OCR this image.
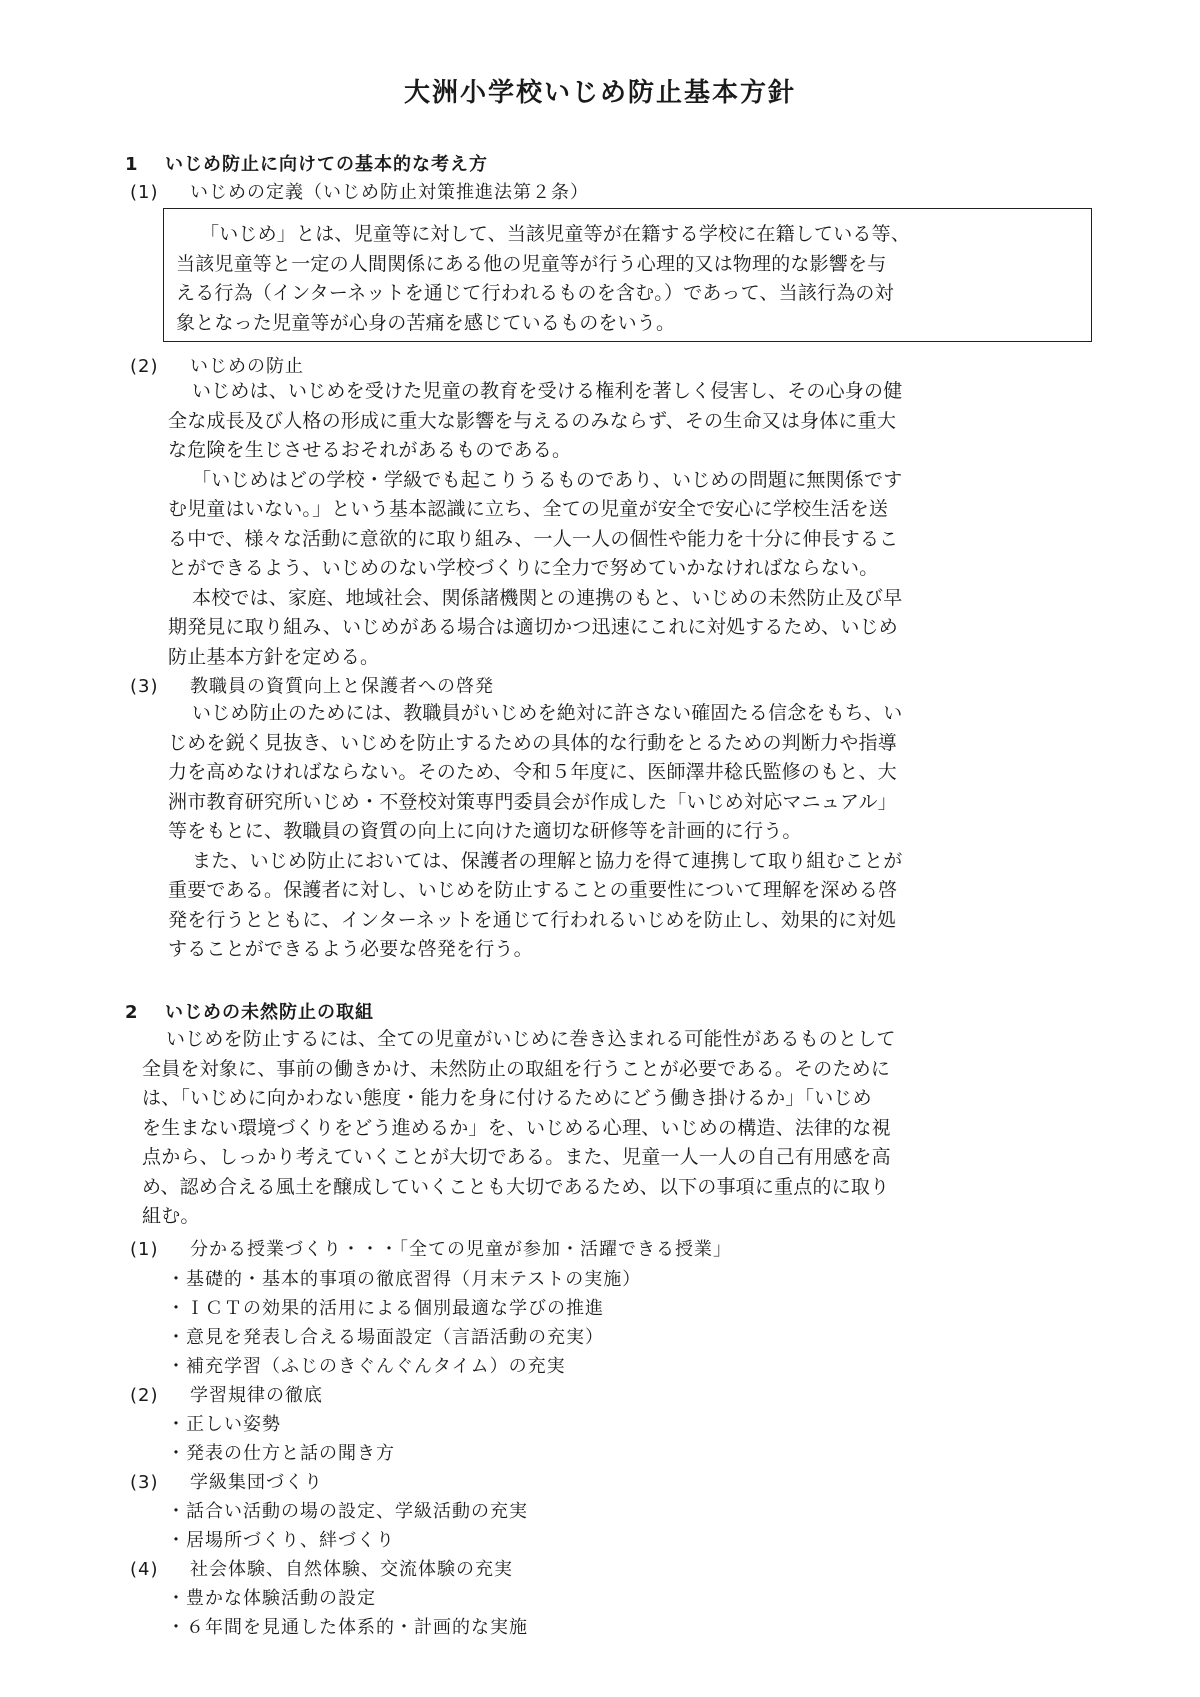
大洲小学校いじめ防止基本方針
1 いじめ防止に向けての基本的な考え方
(1) いじめの定義（いじめ防止対策推進法第２条）
「いじめ」とは、児童等に対して、当該児童等が在籍する学校に在籍している等、
当該児童等と一定の人間関係にある他の児童等が行う心理的又は物理的な影響を与
える行為（インターネットを通じて行われるものを含む。）であって、当該行為の対
象となった児童等が心身の苦痛を感じているものをいう。
(2) いじめの防止
いじめは、いじめを受けた児童の教育を受ける権利を著しく侵害し、その心身の健
全な成長及び人格の形成に重大な影響を与えるのみならず、その生命又は身体に重大
な危険を生じさせるおそれがあるものである。
「いじめはどの学校・学級でも起こりうるものであり、いじめの問題に無関係です
む児童はいない。」という基本認識に立ち、全ての児童が安全で安心に学校生活を送
る中で、様々な活動に意欲的に取り組み、一人一人の個性や能力を十分に伸長するこ
とができるよう、いじめのない学校づくりに全力で努めていかなければならない。
本校では、家庭、地域社会、関係諸機関との連携のもと、いじめの未然防止及び早
期発見に取り組み、いじめがある場合は適切かつ迅速にこれに対処するため、いじめ
防止基本方針を定める。
(3) 教職員の資質向上と保護者への啓発
いじめ防止のためには、教職員がいじめを絶対に許さない確固たる信念をもち、い
じめを鋭く見抜き、いじめを防止するための具体的な行動をとるための判断力や指導
力を高めなければならない。そのため、令和５年度に、医師澤井稔氏監修のもと、大
洲市教育研究所いじめ・不登校対策専門委員会が作成した「いじめ対応マニュアル」
等をもとに、教職員の資質の向上に向けた適切な研修等を計画的に行う。
また、いじめ防止においては、保護者の理解と協力を得て連携して取り組むことが
重要である。保護者に対し、いじめを防止することの重要性について理解を深める啓
発を行うとともに、インターネットを通じて行われるいじめを防止し、効果的に対処
することができるよう必要な啓発を行う。
2 いじめの未然防止の取組
いじめを防止するには、全ての児童がいじめに巻き込まれる可能性があるものとして
全員を対象に、事前の働きかけ、未然防止の取組を行うことが必要である。そのために
は、「いじめに向かわない態度・能力を身に付けるためにどう働き掛けるか」「いじめ
を生まない環境づくりをどう進めるか」を、いじめる心理、いじめの構造、法律的な視
点から、しっかり考えていくことが大切である。また、児童一人一人の自己有用感を高
め、認め合える風土を醸成していくことも大切であるため、以下の事項に重点的に取り
組む。
(1) 分かる授業づくり・・・「全ての児童が参加・活躍できる授業」
・基礎的・基本的事項の徹底習得（月末テストの実施）
・ＩＣＴの効果的活用による個別最適な学びの推進
・意見を発表し合える場面設定（言語活動の充実）
・補充学習（ふじのきぐんぐんタイム）の充実
(2) 学習規律の徹底
・正しい姿勢
・発表の仕方と話の聞き方
(3) 学級集団づくり
・話合い活動の場の設定、学級活動の充実
・居場所づくり、絆づくり
(4) 社会体験、自然体験、交流体験の充実
・豊かな体験活動の設定
・６年間を見通した体系的・計画的な実施
